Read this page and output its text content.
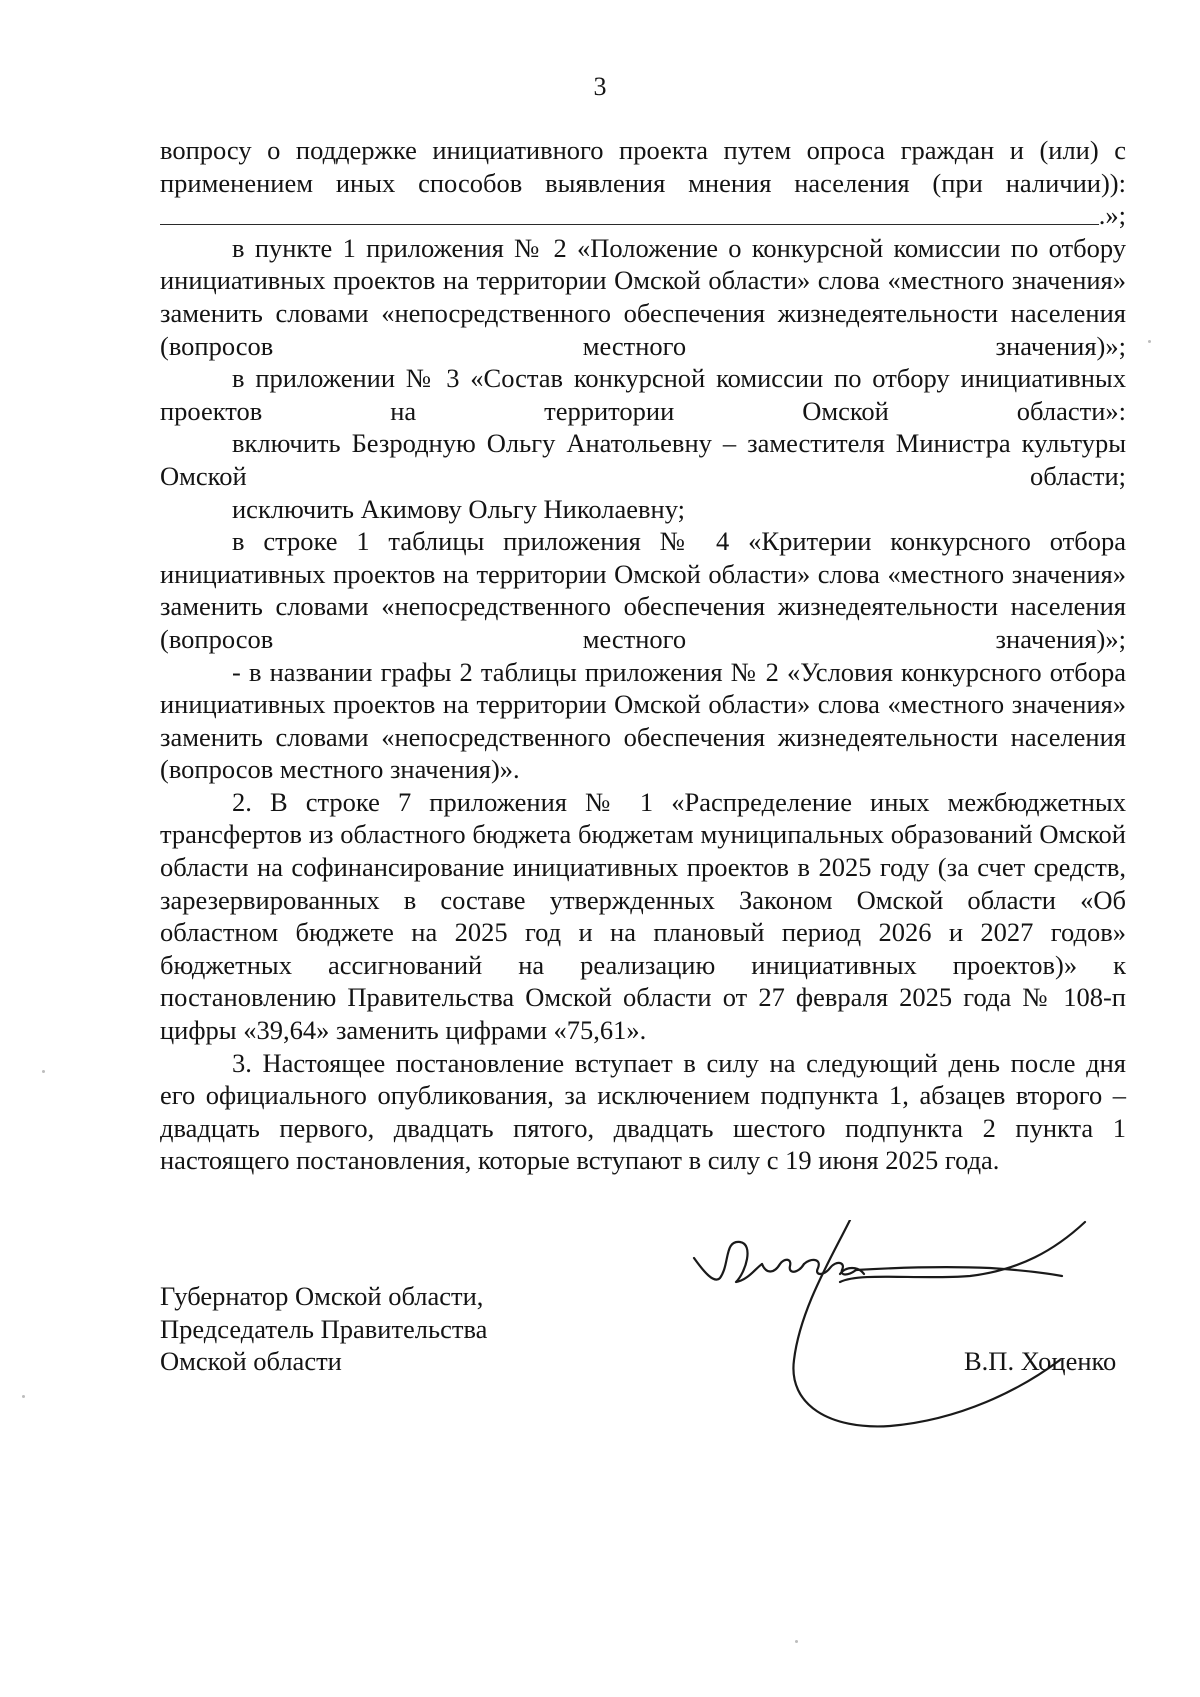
3

вопросу о поддержке инициативного проекта путем опроса граждан и (или) с применением иных способов выявления мнения населения (при наличии)):

.»;

в пункте 1 приложения № 2 «Положение о конкурсной комиссии по отбору инициативных проектов на территории Омской области» слова «местного значения» заменить словами «непосредственного обеспечения жизнедеятельности населения (вопросов местного значения)»;

в приложении № 3 «Состав конкурсной комиссии по отбору инициативных проектов на территории Омской области»:

включить Безродную Ольгу Анатольевну – заместителя Министра культуры Омской области;

исключить Акимову Ольгу Николаевну;

в строке 1 таблицы приложения № 4 «Критерии конкурсного отбора инициативных проектов на территории Омской области» слова «местного значения» заменить словами «непосредственного обеспечения жизнедеятельности населения (вопросов местного значения)»;

- в названии графы 2 таблицы приложения № 2 «Условия конкурсного отбора инициативных проектов на территории Омской области» слова «местного значения» заменить словами «непосредственного обеспечения жизнедеятельности населения (вопросов местного значения)».

2. В строке 7 приложения № 1 «Распределение иных межбюджетных трансфертов из областного бюджета бюджетам муниципальных образований Омской области на софинансирование инициативных проектов в 2025 году (за счет средств, зарезервированных в составе утвержденных Законом Омской области «Об областном бюджете на 2025 год и на плановый период 2026 и 2027 годов» бюджетных ассигнований на реализацию инициативных проектов)» к постановлению Правительства Омской области от 27 февраля 2025 года № 108-п цифры «39,64» заменить цифрами «75,61».

3. Настоящее постановление вступает в силу на следующий день после дня его официального опубликования, за исключением подпункта 1, абзацев второго – двадцать первого, двадцать пятого, двадцать шестого подпункта 2 пункта 1 настоящего постановления, которые вступают в силу с 19 июня 2025 года.

Губернатор Омской области,
Председатель Правительства
Омской области	В.П. Хоценко
